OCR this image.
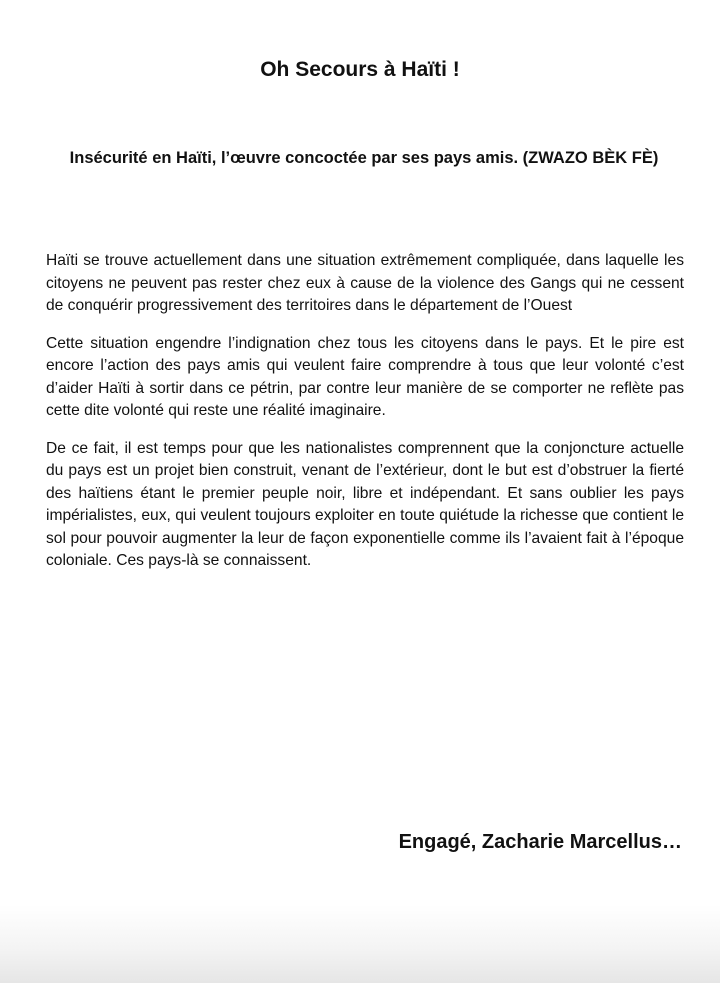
Oh Secours à Haïti !
Insécurité en Haïti, l’œuvre concoctée par ses pays amis. (ZWAZO BÈK FÈ)

Haïti se trouve actuellement dans une situation extrêmement compliquée, dans laquelle les citoyens ne peuvent pas rester chez eux à cause de la violence des Gangs qui ne cessent de conquérir progressivement des territoires dans le département de l’Ouest

Cette situation engendre l’indignation chez tous les citoyens dans le pays. Et le pire est encore l’action des pays amis qui veulent faire comprendre à tous que leur volonté c’est d’aider Haïti à sortir dans ce pétrin, par contre leur manière de se comporter ne reflète pas cette dite volonté qui reste une réalité imaginaire.

De ce fait, il est temps pour que les nationalistes comprennent que la conjoncture actuelle du pays est un projet bien construit, venant de l’extérieur, dont le but est d’obstruer la fierté des haïtiens étant le premier peuple noir, libre et indépendant. Et sans oublier les pays impérialistes, eux, qui veulent toujours exploiter en toute quiétude la richesse que contient le sol pour pouvoir augmenter la leur de façon exponentielle comme ils l’avaient fait à l’époque coloniale. Ces pays-là se connaissent.

Engagé, Zacharie Marcellus…
